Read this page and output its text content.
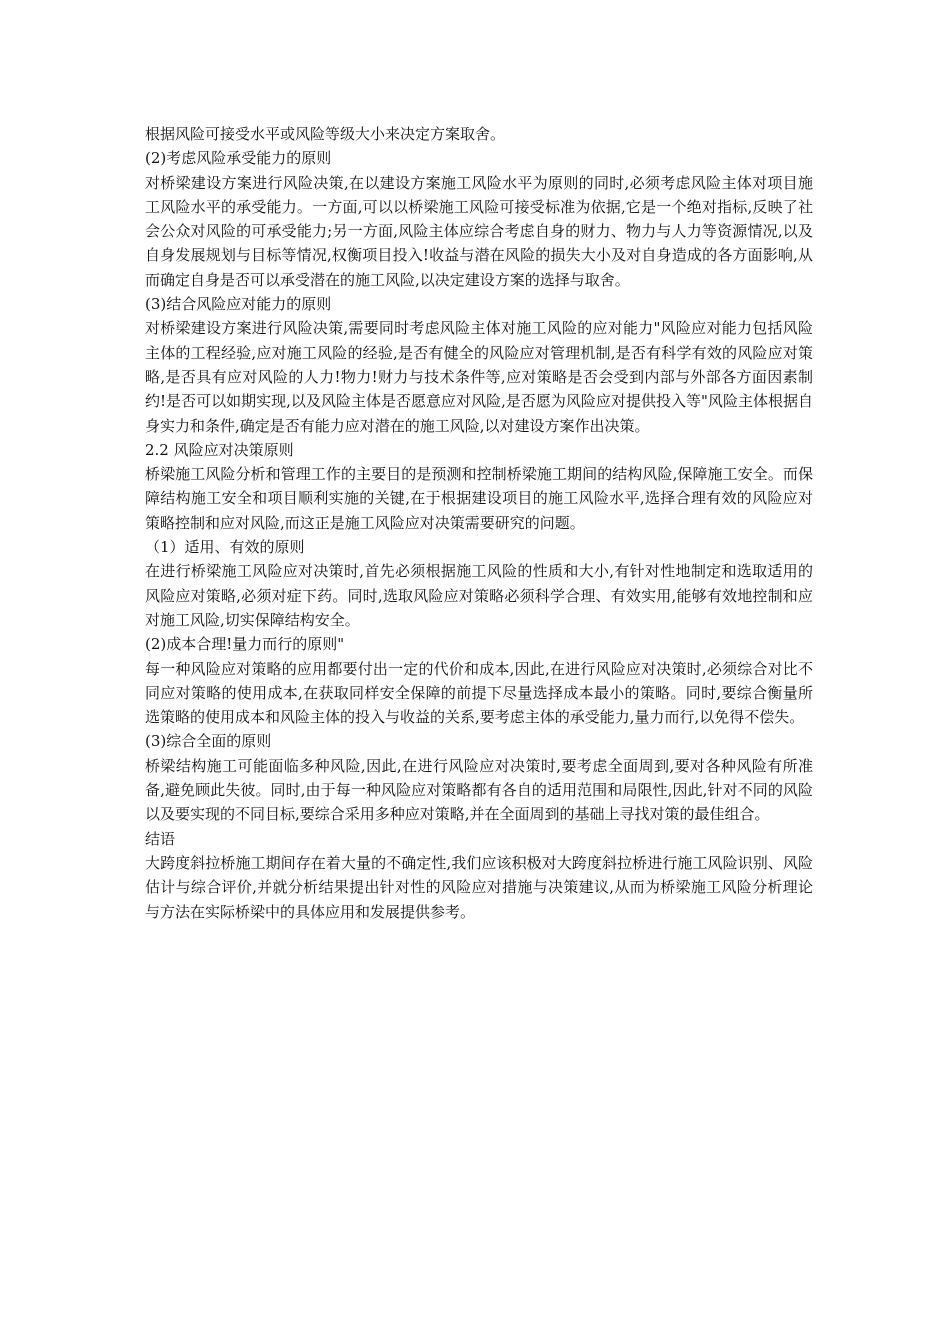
根据风险可接受水平或风险等级大小来决定方案取舍。

(2)考虑风险承受能力的原则

对桥梁建设方案进行风险决策,在以建设方案施工风险水平为原则的同时,必须考虑风险主体对项目施工风险水平的承受能力。一方面,可以以桥梁施工风险可接受标准为依据,它是一个绝对指标,反映了社会公众对风险的可承受能力;另一方面,风险主体应综合考虑自身的财力、物力与人力等资源情况,以及自身发展规划与目标等情况,权衡项目投入!收益与潜在风险的损失大小及对自身造成的各方面影响,从而确定自身是否可以承受潜在的施工风险,以决定建设方案的选择与取舍。

(3)结合风险应对能力的原则

对桥梁建设方案进行风险决策,需要同时考虑风险主体对施工风险的应对能力"风险应对能力包括风险主体的工程经验,应对施工风险的经验,是否有健全的风险应对管理机制,是否有科学有效的风险应对策略,是否具有应对风险的人力!物力!财力与技术条件等,应对策略是否会受到内部与外部各方面因素制约!是否可以如期实现,以及风险主体是否愿意应对风险,是否愿为风险应对提供投入等"风险主体根据自身实力和条件,确定是否有能力应对潜在的施工风险,以对建设方案作出决策。

2.2 风险应对决策原则

桥梁施工风险分析和管理工作的主要目的是预测和控制桥梁施工期间的结构风险,保障施工安全。而保障结构施工安全和项目顺利实施的关键,在于根据建设项目的施工风险水平,选择合理有效的风险应对策略控制和应对风险,而这正是施工风险应对决策需要研究的问题。

（1）适用、有效的原则

在进行桥梁施工风险应对决策时,首先必须根据施工风险的性质和大小,有针对性地制定和选取适用的风险应对策略,必须对症下药。同时,选取风险应对策略必须科学合理、有效实用,能够有效地控制和应对施工风险,切实保障结构安全。

(2)成本合理!量力而行的原则"

每一种风险应对策略的应用都要付出一定的代价和成本,因此,在进行风险应对决策时,必须综合对比不同应对策略的使用成本,在获取同样安全保障的前提下尽量选择成本最小的策略。同时,要综合衡量所选策略的使用成本和风险主体的投入与收益的关系,要考虑主体的承受能力,量力而行,以免得不偿失。

(3)综合全面的原则

桥梁结构施工可能面临多种风险,因此,在进行风险应对决策时,要考虑全面周到,要对各种风险有所准备,避免顾此失彼。同时,由于每一种风险应对策略都有各自的适用范围和局限性,因此,针对不同的风险以及要实现的不同目标,要综合采用多种应对策略,并在全面周到的基础上寻找对策的最佳组合。

结语

大跨度斜拉桥施工期间存在着大量的不确定性,我们应该积极对大跨度斜拉桥进行施工风险识别、风险估计与综合评价,并就分析结果提出针对性的风险应对措施与决策建议,从而为桥梁施工风险分析理论与方法在实际桥梁中的具体应用和发展提供参考。
